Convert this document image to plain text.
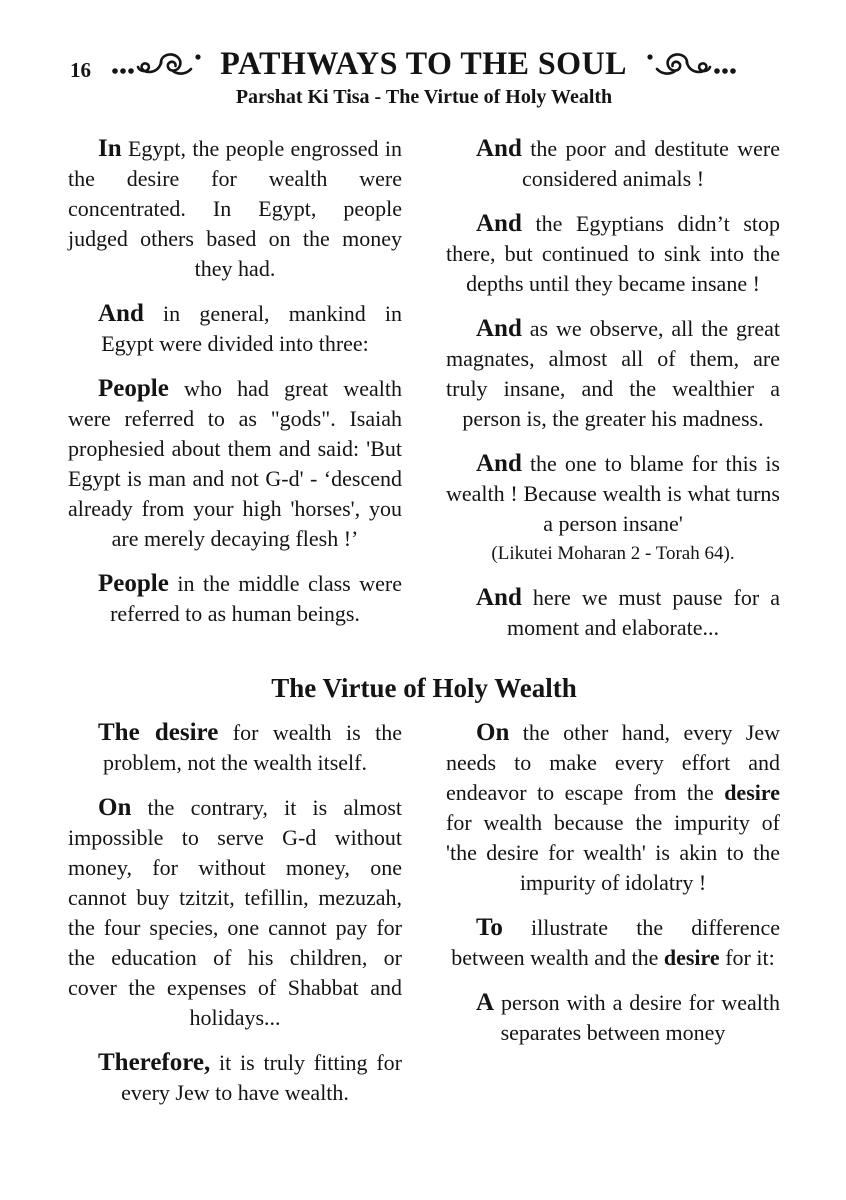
16	PATHWAYS TO THE SOUL
Parshat Ki Tisa - The Virtue of Holy Wealth

In Egypt, the people engrossed in the desire for wealth were concentrated. In Egypt, people judged others based on the money they had.

And in general, mankind in Egypt were divided into three:

People who had great wealth were referred to as "gods". Isaiah prophesied about them and said: 'But Egypt is man and not G-d' - ‘descend already from your high 'horses', you are merely decaying flesh !’

People in the middle class were referred to as human beings.

And the poor and destitute were considered animals !

And the Egyptians didn’t stop there, but continued to sink into the depths until they became insane !

And as we observe, all the great magnates, almost all of them, are truly insane, and the wealthier a person is, the greater his madness.

And the one to blame for this is wealth ! Because wealth is what turns a person insane'

(Likutei Moharan 2 - Torah 64).

And here we must pause for a moment and elaborate...

The Virtue of Holy Wealth

The desire for wealth is the problem, not the wealth itself.

On the contrary, it is almost impossible to serve G-d without money, for without money, one cannot buy tzitzit, tefillin, mezuzah, the four species, one cannot pay for the education of his children, or cover the expenses of Shabbat and holidays...

Therefore, it is truly fitting for every Jew to have wealth.

On the other hand, every Jew needs to make every effort and endeavor to escape from the desire for wealth because the impurity of 'the desire for wealth' is akin to the impurity of idolatry !

To illustrate the difference between wealth and the desire for it:

A person with a desire for wealth separates between money
